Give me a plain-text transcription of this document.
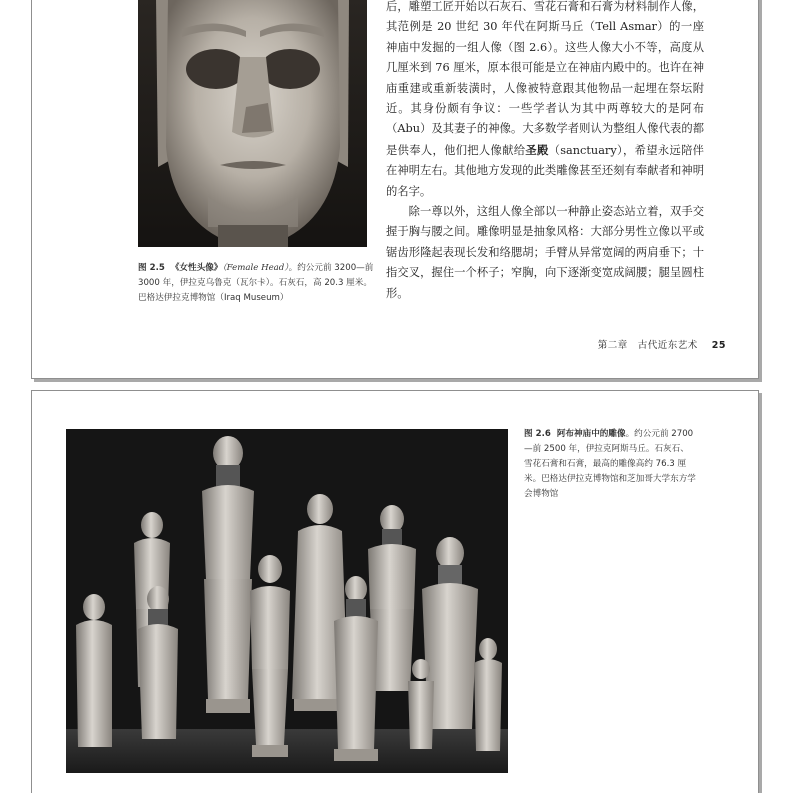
图 2.5 《女性头像》（Female Head）。约公元前 3200—前 3000 年，伊拉克乌鲁克（瓦尔卡）。石灰石，高 20.3 厘米。巴格达伊拉克博物馆（Iraq Museum）

后，雕塑工匠开始以石灰石、雪花石膏和石膏为材料制作人像，其范例是 20 世纪 30 年代在阿斯马丘（Tell Asmar）的一座神庙中发掘的一组人像（图 2.6）。这些人像大小不等，高度从几厘米到 76 厘米，原本很可能是立在神庙内殿中的。也许在神庙重建或重新装潢时，人像被特意跟其他物品一起埋在祭坛附近。其身份颇有争议：一些学者认为其中两尊较大的是阿布（Abu）及其妻子的神像。大多数学者则认为整组人像代表的都是供奉人，他们把人像献给圣殿（sanctuary），希望永远陪伴在神明左右。其他地方发现的此类雕像甚至还刻有奉献者和神明的名字。

除一尊以外，这组人像全部以一种静止姿态站立着，双手交握于胸与腰之间。雕像明显是抽象风格：大部分男性立像以平或锯齿形隆起表现长发和络腮胡；手臂从异常宽阔的两肩垂下；十指交叉，握住一个杯子；窄胸，向下逐渐变宽成阔腰；腿呈圆柱形。

第二章　古代近东艺术 25
图 2.6 阿布神庙中的雕像。约公元前 2700—前 2500 年，伊拉克阿斯马丘。石灰石、雪花石膏和石膏，最高的雕像高约 76.3 厘米。巴格达伊拉克博物馆和芝加哥大学东方学会博物馆
